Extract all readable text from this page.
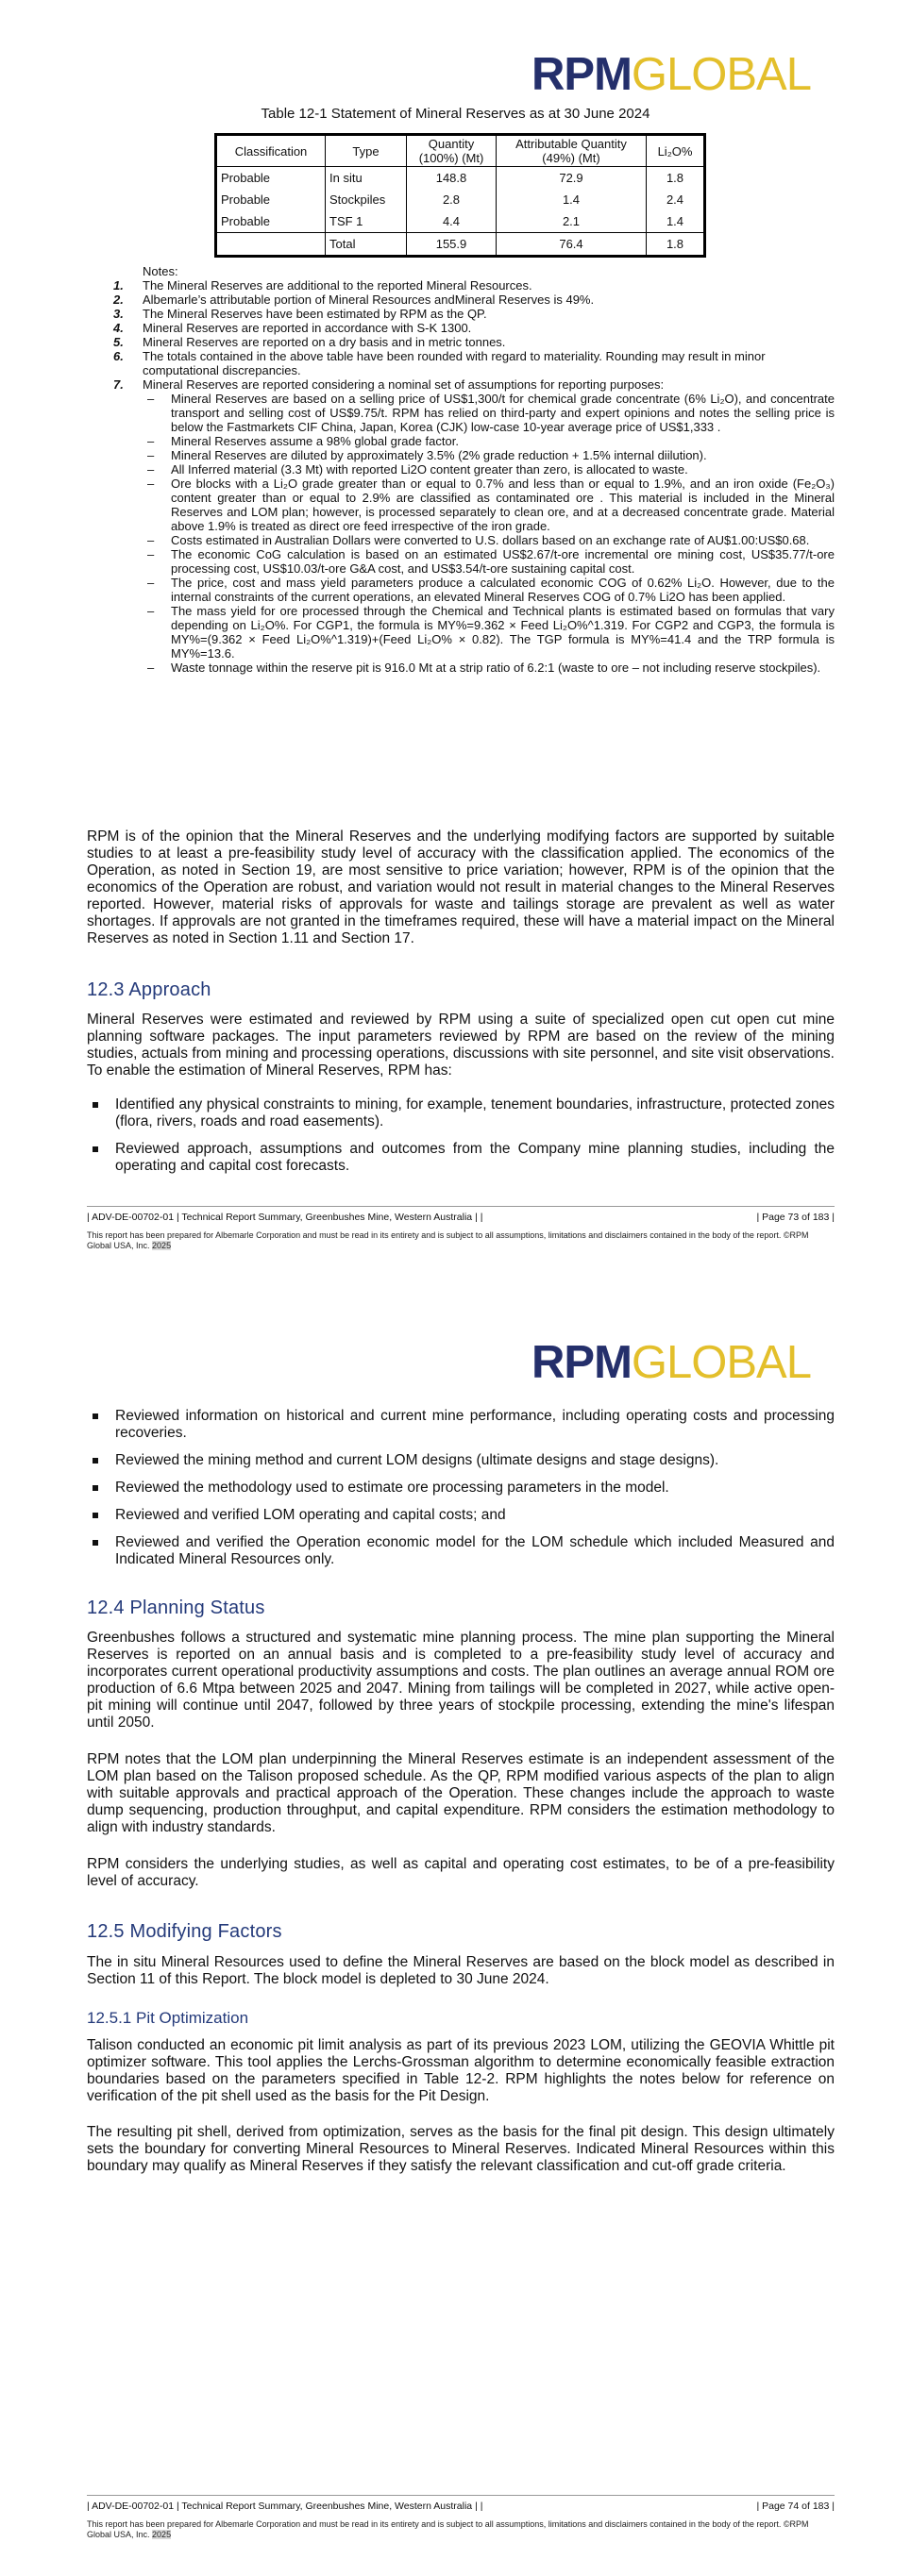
RPMGLOBAL
Table 12-1 Statement of Mineral Reserves as at 30 June 2024
Classification	Type	Quantity (100%) (Mt)	Attributable Quantity (49%) (Mt)	Li₂O%
Probable	In situ	148.8	72.9	1.8
Probable	Stockpiles	2.8	1.4	2.4
Probable	TSF 1	4.4	2.1	1.4
	Total	155.9	76.4	1.8
Notes:
1. The Mineral Reserves are additional to the reported Mineral Resources.
2. Albemarle’s attributable portion of Mineral Resources andMineral Reserves is 49%.
3. The Mineral Reserves have been estimated by RPM as the QP.
4. Mineral Reserves are reported in accordance with S-K 1300.
5. Mineral Reserves are reported on a dry basis and in metric tonnes.
6. The totals contained in the above table have been rounded with regard to materiality. Rounding may result in minor computational discrepancies.
7. Mineral Reserves are reported considering a nominal set of assumptions for reporting purposes:
– Mineral Reserves are based on a selling price of US$1,300/t for chemical grade concentrate (6% Li₂O), and concentrate transport and selling cost of US$9.75/t. RPM has relied on third-party and expert opinions and notes the selling price is below the Fastmarkets CIF China, Japan, Korea (CJK) low-case 10-year average price of US$1,333 .
– Mineral Reserves assume a 98% global grade factor.
– Mineral Reserves are diluted by approximately 3.5% (2% grade reduction + 1.5% internal diilution).
– All Inferred material (3.3 Mt) with reported Li2O content greater than zero, is allocated to waste.
– Ore blocks with a Li₂O grade greater than or equal to 0.7% and less than or equal to 1.9%, and an iron oxide (Fe₂O₃) content greater than or equal to 2.9% are classified as contaminated ore . This material is included in the Mineral Reserves and LOM plan; however, is processed separately to clean ore, and at a decreased concentrate grade. Material above 1.9% is treated as direct ore feed irrespective of the iron grade.
– Costs estimated in Australian Dollars were converted to U.S. dollars based on an exchange rate of AU$1.00:US$0.68.
– The economic CoG calculation is based on an estimated US$2.67/t-ore incremental ore mining cost, US$35.77/t-ore processing cost, US$10.03/t-ore G&A cost, and US$3.54/t-ore sustaining capital cost.
– The price, cost and mass yield parameters produce a calculated economic COG of 0.62% Li₂O. However, due to the internal constraints of the current operations, an elevated Mineral Reserves COG of 0.7% Li2O has been applied.
– The mass yield for ore processed through the Chemical and Technical plants is estimated based on formulas that vary depending on Li₂O%. For CGP1, the formula is MY%=9.362 × Feed Li₂O%^1.319. For CGP2 and CGP3, the formula is MY%=(9.362 × Feed Li₂O%^1.319)+(Feed Li₂O% × 0.82). The TGP formula is MY%=41.4 and the TRP formula is MY%=13.6.
– Waste tonnage within the reserve pit is 916.0 Mt at a strip ratio of 6.2:1 (waste to ore – not including reserve stockpiles).

RPM is of the opinion that the Mineral Reserves and the underlying modifying factors are supported by suitable studies to at least a pre-feasibility study level of accuracy with the classification applied. The economics of the Operation, as noted in Section 19, are most sensitive to price variation; however, RPM is of the opinion that the economics of the Operation are robust, and variation would not result in material changes to the Mineral Reserves reported. However, material risks of approvals for waste and tailings storage are prevalent as well as water shortages. If approvals are not granted in the timeframes required, these will have a material impact on the Mineral Reserves as noted in Section 1.11 and Section 17.

12.3 Approach

Mineral Reserves were estimated and reviewed by RPM using a suite of specialized open cut open cut mine planning software packages. The input parameters reviewed by RPM are based on the review of the mining studies, actuals from mining and processing operations, discussions with site personnel, and site visit observations. To enable the estimation of Mineral Reserves, RPM has:

Identified any physical constraints to mining, for example, tenement boundaries, infrastructure, protected zones (flora, rivers, roads and road easements).
Reviewed approach, assumptions and outcomes from the Company mine planning studies, including the operating and capital cost forecasts.
| ADV-DE-00702-01 | Technical Report Summary, Greenbushes Mine, Western Australia | |	| Page 73 of 183 |
This report has been prepared for Albemarle Corporation and must be read in its entirety and is subject to all assumptions, limitations and disclaimers contained in the body of the report. ©RPM Global USA, Inc. 2025
RPMGLOBAL
Reviewed information on historical and current mine performance, including operating costs and processing recoveries.
Reviewed the mining method and current LOM designs (ultimate designs and stage designs).
Reviewed the methodology used to estimate ore processing parameters in the model.
Reviewed and verified LOM operating and capital costs; and
Reviewed and verified the Operation economic model for the LOM schedule which included Measured and Indicated Mineral Resources only.
12.4 Planning Status

Greenbushes follows a structured and systematic mine planning process. The mine plan supporting the Mineral Reserves is reported on an annual basis and is completed to a pre-feasibility study level of accuracy and incorporates current operational productivity assumptions and costs. The plan outlines an average annual ROM ore production of 6.6 Mtpa between 2025 and 2047. Mining from tailings will be completed in 2027, while active open-pit mining will continue until 2047, followed by three years of stockpile processing, extending the mine's lifespan until 2050.

RPM notes that the LOM plan underpinning the Mineral Reserves estimate is an independent assessment of the LOM plan based on the Talison proposed schedule. As the QP, RPM modified various aspects of the plan to align with suitable approvals and practical approach of the Operation. These changes include the approach to waste dump sequencing, production throughput, and capital expenditure. RPM considers the estimation methodology to align with industry standards.

RPM considers the underlying studies, as well as capital and operating cost estimates, to be of a pre-feasibility level of accuracy.

12.5 Modifying Factors

The in situ Mineral Resources used to define the Mineral Reserves are based on the block model as described in Section 11 of this Report. The block model is depleted to 30 June 2024.

12.5.1 Pit Optimization

Talison conducted an economic pit limit analysis as part of its previous 2023 LOM, utilizing the GEOVIA Whittle pit optimizer software. This tool applies the Lerchs-Grossman algorithm to determine economically feasible extraction boundaries based on the parameters specified in Table 12-2. RPM highlights the notes below for reference on verification of the pit shell used as the basis for the Pit Design.

The resulting pit shell, derived from optimization, serves as the basis for the final pit design. This design ultimately sets the boundary for converting Mineral Resources to Mineral Reserves. Indicated Mineral Resources within this boundary may qualify as Mineral Reserves if they satisfy the relevant classification and cut-off grade criteria.

| ADV-DE-00702-01 | Technical Report Summary, Greenbushes Mine, Western Australia | |	| Page 74 of 183 |
This report has been prepared for Albemarle Corporation and must be read in its entirety and is subject to all assumptions, limitations and disclaimers contained in the body of the report. ©RPM Global USA, Inc. 2025
